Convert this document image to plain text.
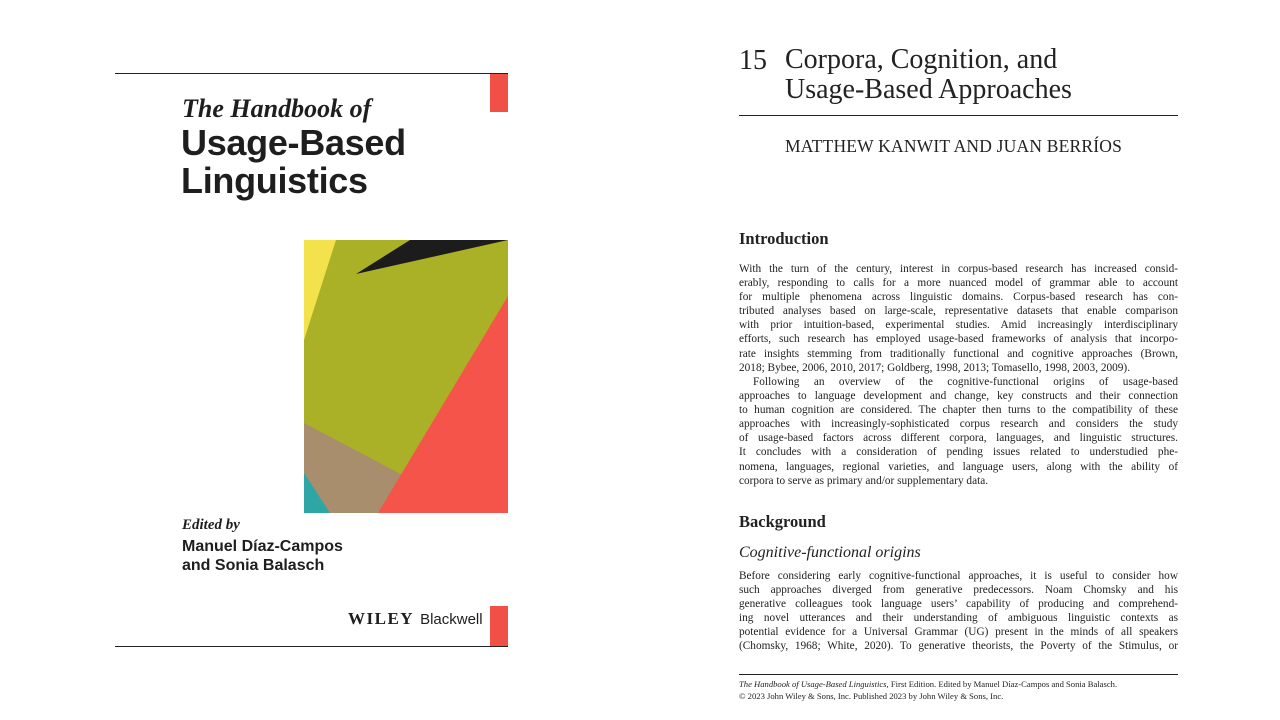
The Handbook of
Usage-Based
Linguistics
Edited by
Manuel Díaz-Campos
and Sonia Balasch
WILEY Blackwell
15 Corpora, Cognition, and
Usage-Based Approaches
MATTHEW KANWIT AND JUAN BERRÍOS
Introduction
With the turn of the century, interest in corpus-based research has increased consid-
erably, responding to calls for a more nuanced model of grammar able to account
for multiple phenomena across linguistic domains. Corpus-based research has con-
tributed analyses based on large-scale, representative datasets that enable comparison
with prior intuition-based, experimental studies. Amid increasingly interdisciplinary
efforts, such research has employed usage-based frameworks of analysis that incorpo-
rate insights stemming from traditionally functional and cognitive approaches (Brown,
2018; Bybee, 2006, 2010, 2017; Goldberg, 1998, 2013; Tomasello, 1998, 2003, 2009).
Following an overview of the cognitive-functional origins of usage-based
approaches to language development and change, key constructs and their connection
to human cognition are considered. The chapter then turns to the compatibility of these
approaches with increasingly-sophisticated corpus research and considers the study
of usage-based factors across different corpora, languages, and linguistic structures.
It concludes with a consideration of pending issues related to understudied phe-
nomena, languages, regional varieties, and language users, along with the ability of
corpora to serve as primary and/or supplementary data.
Background
Cognitive-functional origins
Before considering early cognitive-functional approaches, it is useful to consider how
such approaches diverged from generative predecessors. Noam Chomsky and his
generative colleagues took language users’ capability of producing and comprehend-
ing novel utterances and their understanding of ambiguous linguistic contexts as
potential evidence for a Universal Grammar (UG) present in the minds of all speakers
(Chomsky, 1968; White, 2020). To generative theorists, the Poverty of the Stimulus, or
The Handbook of Usage-Based Linguistics, First Edition. Edited by Manuel Díaz-Campos and Sonia Balasch.
© 2023 John Wiley & Sons, Inc. Published 2023 by John Wiley & Sons, Inc.
